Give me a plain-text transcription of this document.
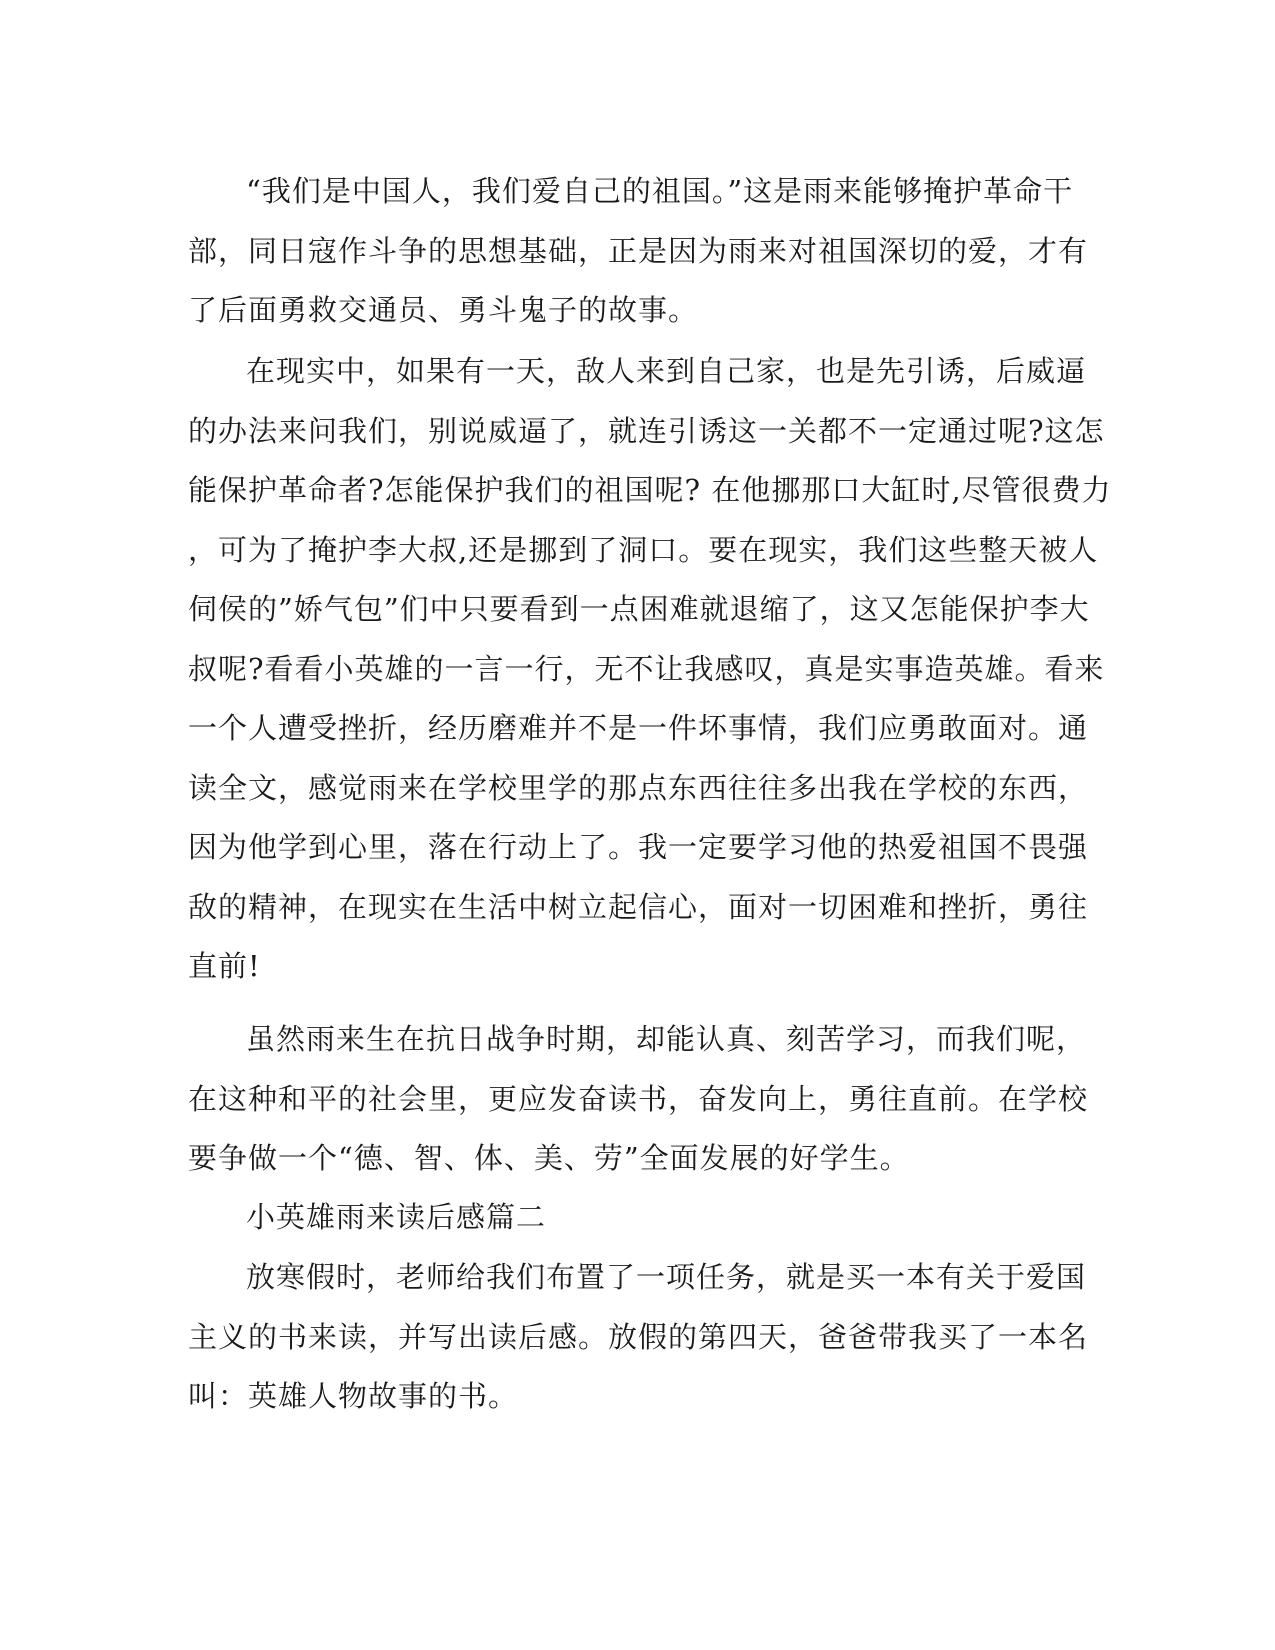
“我们是中国人，我们爱自己的祖国。”这是雨来能够掩护革命干
部，同日寇作斗争的思想基础，正是因为雨来对祖国深切的爱，才有
了后面勇救交通员、勇斗鬼子的故事。
在现实中，如果有一天，敌人来到自己家，也是先引诱，后威逼
的办法来问我们，别说威逼了，就连引诱这一关都不一定通过呢?这怎
能保护革命者?怎能保护我们的祖国呢? 在他挪那口大缸时,尽管很费力
，可为了掩护李大叔,还是挪到了洞口。要在现实，我们这些整天被人
伺侯的”娇气包”们中只要看到一点困难就退缩了，这又怎能保护李大
叔呢?看看小英雄的一言一行，无不让我感叹，真是实事造英雄。看来
一个人遭受挫折，经历磨难并不是一件坏事情，我们应勇敢面对。通
读全文，感觉雨来在学校里学的那点东西往往多出我在学校的东西，
因为他学到心里，落在行动上了。我一定要学习他的热爱祖国不畏强
敌的精神，在现实在生活中树立起信心，面对一切困难和挫折，勇往
直前!
虽然雨来生在抗日战争时期，却能认真、刻苦学习，而我们呢，
在这种和平的社会里，更应发奋读书，奋发向上，勇往直前。在学校
要争做一个“德、智、体、美、劳”全面发展的好学生。
小英雄雨来读后感篇二
放寒假时，老师给我们布置了一项任务，就是买一本有关于爱国
主义的书来读，并写出读后感。放假的第四天，爸爸带我买了一本名
叫：英雄人物故事的书。
